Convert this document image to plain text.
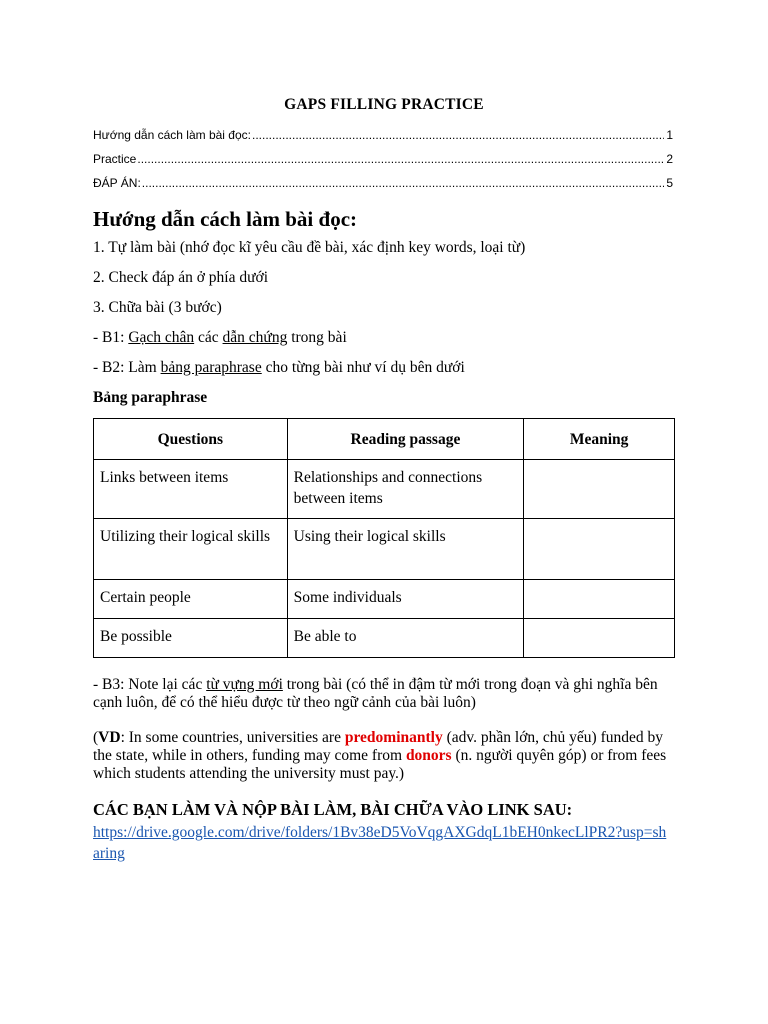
GAPS FILLING PRACTICE
Hướng dẫn cách làm bài đọc: .....	1
Practice .....	2
ĐÁP ÁN: .....	5
Hướng dẫn cách làm bài đọc:
1. Tự làm bài (nhớ đọc kĩ yêu cầu đề bài, xác định key words, loại từ)
2. Check đáp án ở phía dưới
3. Chữa bài (3 bước)
- B1: Gạch chân các dẫn chứng trong bài
- B2: Làm bảng paraphrase cho từng bài như ví dụ bên dưới
Bảng paraphrase
Questions	Reading passage	Meaning
Links between items	Relationships and connections between items	
Utilizing their logical skills	Using their logical skills	
Certain people	Some individuals	
Be possible	Be able to	
- B3: Note lại các từ vựng mới trong bài (có thể in đậm từ mới trong đoạn và ghi nghĩa bên cạnh luôn, để có thể hiểu được từ theo ngữ cảnh của bài luôn)
(VD: In some countries, universities are predominantly (adv. phần lớn, chủ yếu) funded by the state, while in others, funding may come from donors (n. người quyên góp) or from fees which students attending the university must pay.)
CÁC BẠN LÀM VÀ NỘP BÀI LÀM, BÀI CHỮA VÀO LINK SAU:
https://drive.google.com/drive/folders/1Bv38eD5VoVqgAXGdqL1bEH0nkecLlPR2?usp=sharing
